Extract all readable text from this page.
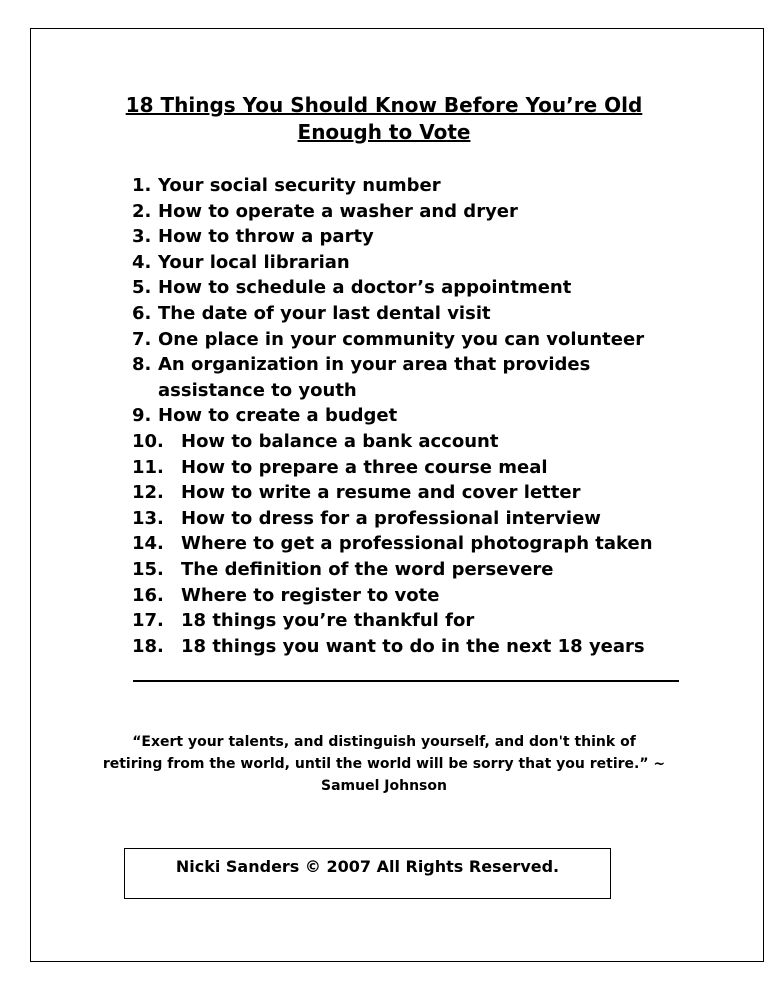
18 Things You Should Know Before You’re Old
Enough to Vote
1. Your social security number
2. How to operate a washer and dryer
3. How to throw a party
4. Your local librarian
5. How to schedule a doctor’s appointment
6. The date of your last dental visit
7. One place in your community you can volunteer
8. An organization in your area that provides
assistance to youth
9. How to create a budget
10. How to balance a bank account
11. How to prepare a three course meal
12. How to write a resume and cover letter
13. How to dress for a professional interview
14. Where to get a professional photograph taken
15. The definition of the word persevere
16. Where to register to vote
17. 18 things you’re thankful for
18. 18 things you want to do in the next 18 years
“Exert your talents, and distinguish yourself, and don't think of
retiring from the world, until the world will be sorry that you retire.” ~
Samuel Johnson
Nicki Sanders © 2007 All Rights Reserved.
